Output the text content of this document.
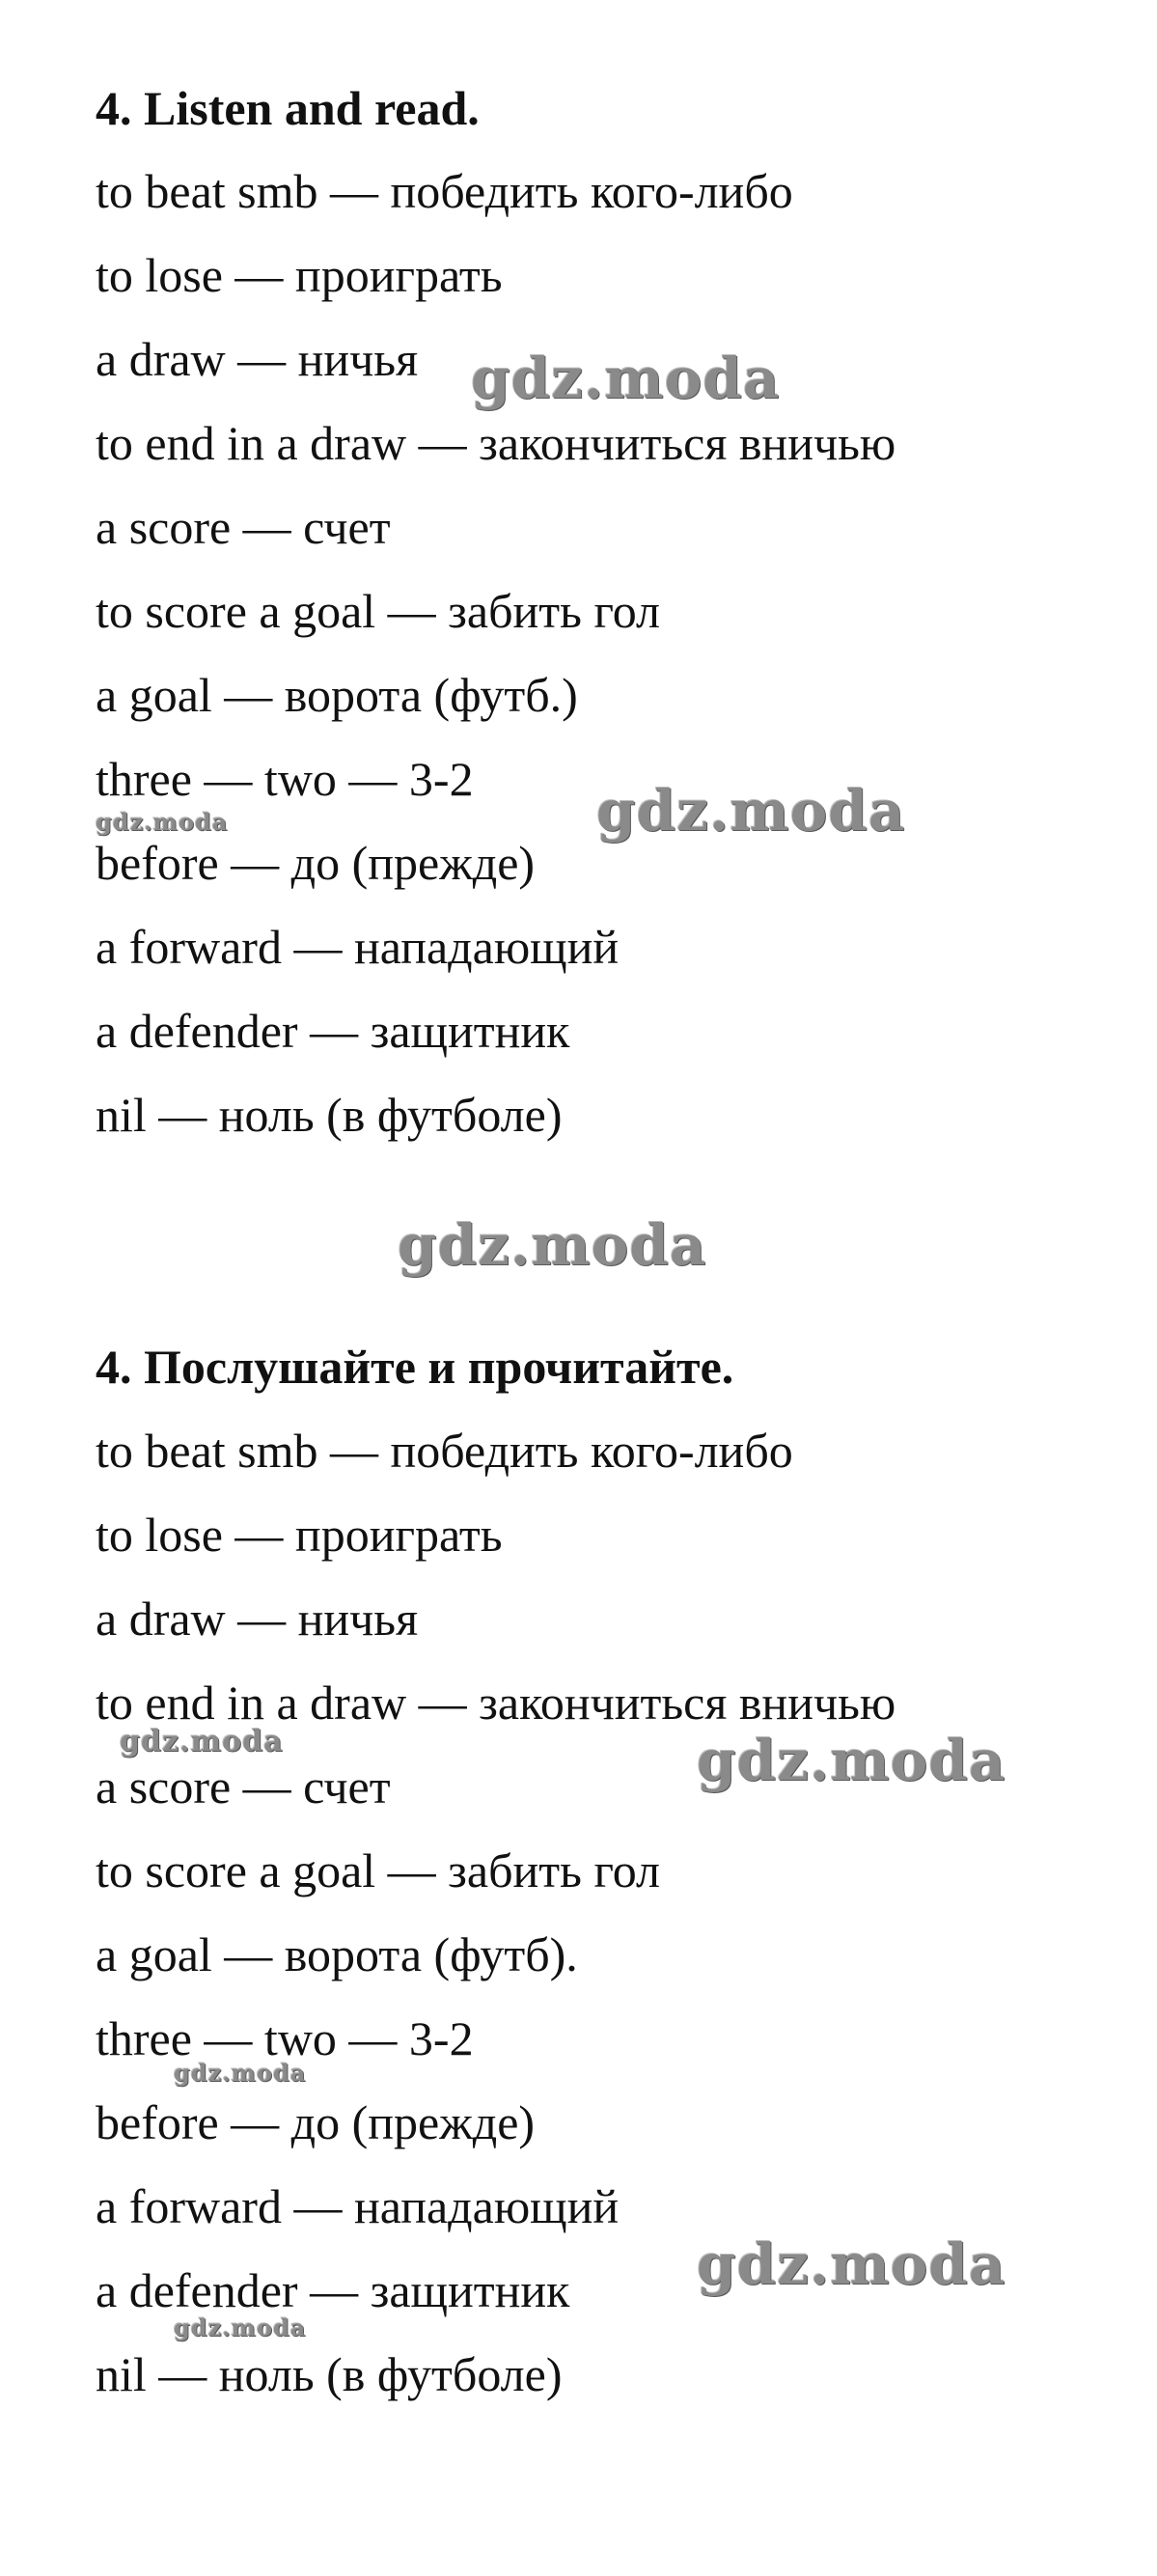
4. Listen and read.
to beat smb — победить кого-либо
to lose — проиграть
a draw — ничья
to end in a draw — закончиться вничью
a score — счет
to score a goal — забить гол
a goal — ворота (футб.)
three — two — 3-2
before — до (прежде)
a forward — нападающий
a defender — защитник
nil — ноль (в футболе)
4. Послушайте и прочитайте.
to beat smb — победить кого-либо
to lose — проиграть
a draw — ничья
to end in a draw — закончиться вничью
a score — счет
to score a goal — забить гол
a goal — ворота (футб).
three — two — 3-2
before — до (прежде)
a forward — нападающий
a defender — защитник
nil — ноль (в футболе)
gdz.moda
gdz.moda
gdz.moda
gdz.moda
gdz.moda	gdz.moda
gdz.moda
gdz.moda
gdz.moda
